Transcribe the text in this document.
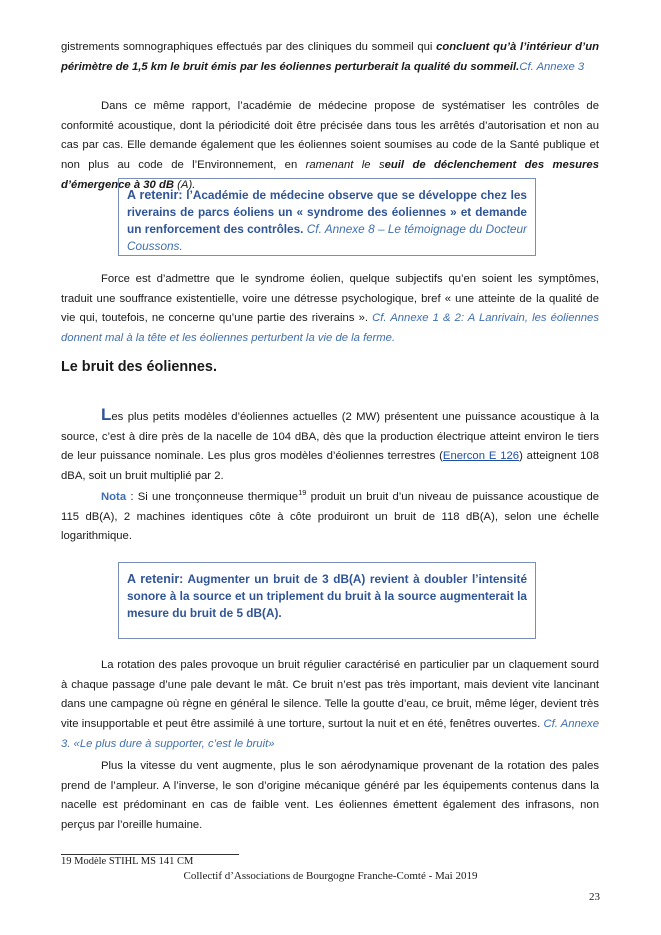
gistrements somnographiques effectués par des cliniques du sommeil qui concluent qu’à l’intérieur d’un périmètre de 1,5 km le bruit émis par les éoliennes perturberait la qualité du sommeil.Cf. Annexe 3

Dans ce même rapport, l’académie de médecine propose de systématiser les contrôles de conformité acoustique, dont la périodicité doit être précisée dans tous les arrêtés d’autorisation et non au cas par cas. Elle demande également que les éoliennes soient soumises au code de la Santé publique et non plus au code de l’Environnement, en ramenant le seuil de déclenchement des mesures d’émergence à 30 dB (A).

A retenir: l’Académie de médecine observe que se développe chez les riverains de parcs éoliens un « syndrome des éoliennes » et demande un renforcement des contrôles. Cf. Annexe 8 – Le témoignage du Docteur Coussons.

Force est d’admettre que le syndrome éolien, quelque subjectifs qu’en soient les symptômes, traduit une souffrance existentielle, voire une détresse psychologique, bref « une atteinte de la qualité de vie qui, toutefois, ne concerne qu’une partie des riverains ». Cf. Annexe 1 & 2: A Lanrivain, les éoliennes donnent mal à la tête et les éoliennes perturbent la vie de la ferme.

Le bruit des éoliennes.

Les plus petits modèles d’éoliennes actuelles (2 MW) présentent une puissance acoustique à la source, c’est à dire près de la nacelle de 104 dBA, dès que la production électrique atteint environ le tiers de leur puissance nominale. Les plus gros modèles d’éoliennes terrestres (Enercon E 126) atteignent 108 dBA, soit un bruit multiplié par 2.

Nota : Si une tronçonneuse thermique$^{19}$ produit un bruit d’un niveau de puissance acoustique de 115 dB(A), 2 machines identiques côte à côte produiront un bruit de 118 dB(A), selon une échelle logarithmique.

A retenir: Augmenter un bruit de 3 dB(A) revient à doubler l’intensité sonore à la source et un triplement du bruit à la source augmenterait la mesure du bruit de 5 dB(A).

La rotation des pales provoque un bruit régulier caractérisé en particulier par un claquement sourd à chaque passage d’une pale devant le mât. Ce bruit n’est pas très important, mais devient vite lancinant dans une campagne où règne en général le silence. Telle la goutte d’eau, ce bruit, même léger, devient très vite insupportable et peut être assimilé à une torture, surtout la nuit et en été, fenêtres ouvertes. Cf. Annexe 3. «Le plus dure à supporter, c’est le bruit»

Plus la vitesse du vent augmente, plus le son aérodynamique provenant de la rotation des pales prend de l’ampleur. A l’inverse, le son d’origine mécanique généré par les équipements contenus dans la nacelle est prédominant en cas de faible vent. Les éoliennes émettent également des infrasons, non perçus par l’oreille humaine.

19 Modèle STIHL MS 141 CM
Collectif d’Associations de Bourgogne Franche-Comté - Mai 2019
23
